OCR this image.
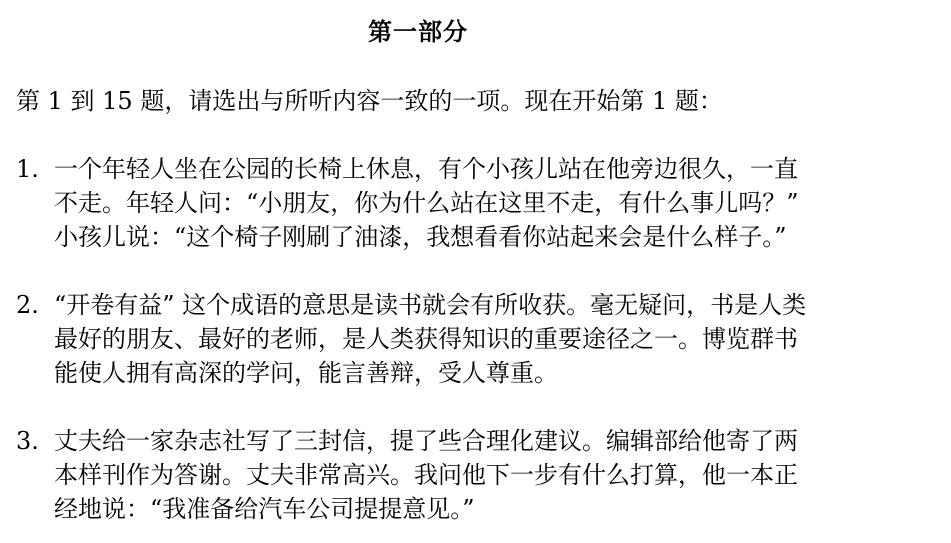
第一部分
第 1 到 15 题，请选出与所听内容一致的一项。现在开始第 1 题：
1. 一个年轻人坐在公园的长椅上休息，有个小孩儿站在他旁边很久，一直
不走。年轻人问：“小朋友，你为什么站在这里不走，有什么事儿吗？”
小孩儿说：“这个椅子刚刷了油漆，我想看看你站起来会是什么样子。”
2. “开卷有益” 这个成语的意思是读书就会有所收获。毫无疑问，书是人类
最好的朋友、最好的老师，是人类获得知识的重要途径之一。博览群书
能使人拥有高深的学问，能言善辩，受人尊重。
3. 丈夫给一家杂志社写了三封信，提了些合理化建议。编辑部给他寄了两
本样刊作为答谢。丈夫非常高兴。我问他下一步有什么打算，他一本正
经地说：“我准备给汽车公司提提意见。”
